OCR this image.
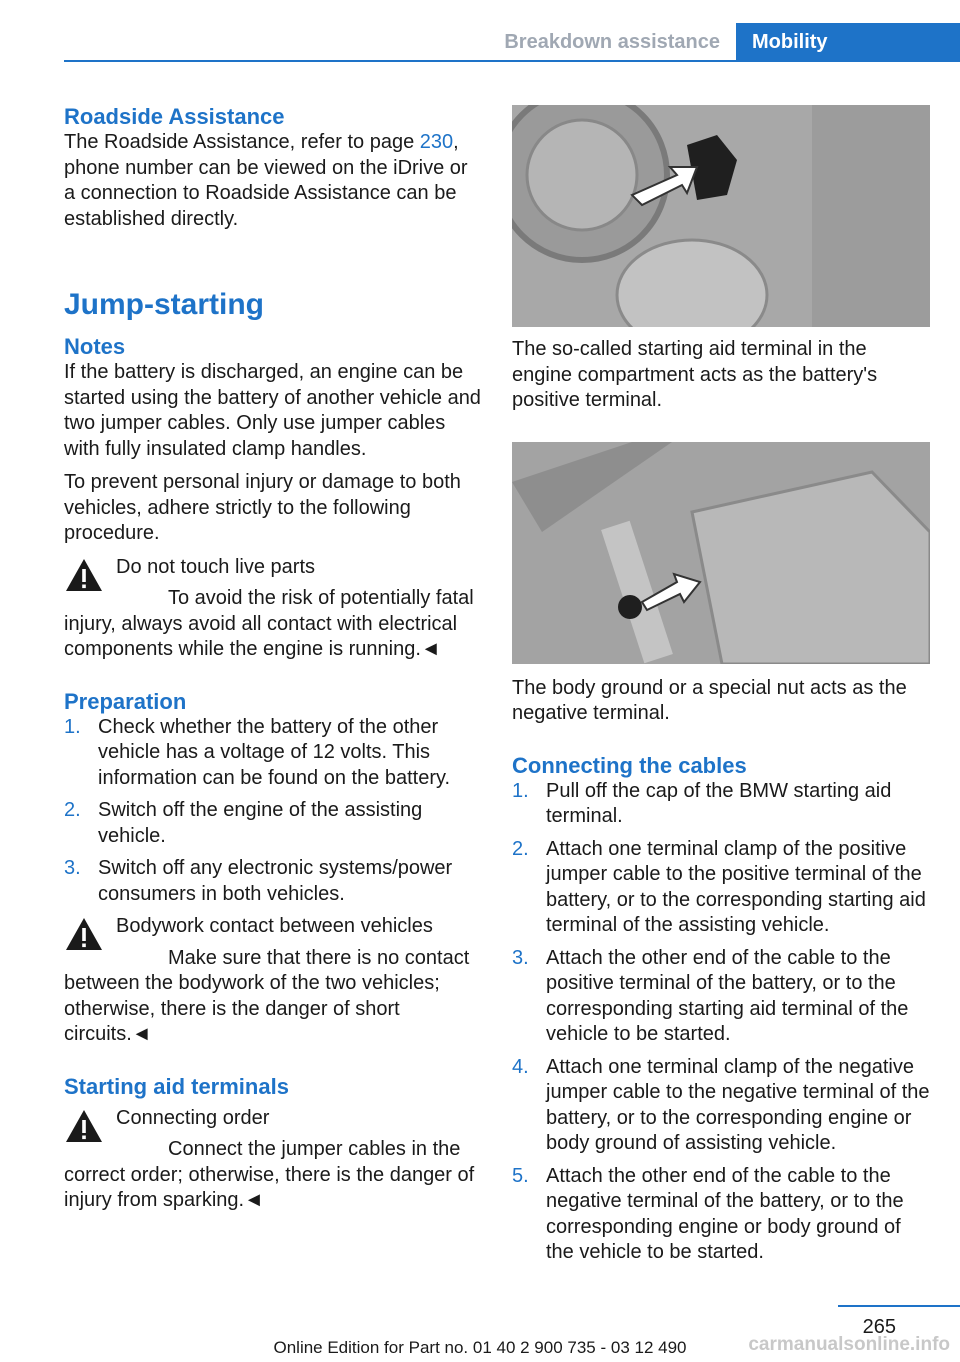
Breakdown assistance	Mobility
Roadside Assistance

The Roadside Assistance, refer to page 230, phone number can be viewed on the iDrive or a connection to Roadside Assistance can be established directly.

Jump-starting
Notes

If the battery is discharged, an engine can be started using the battery of another vehicle and two jumper cables. Only use jumper cables with fully insulated clamp handles.

To prevent personal injury or damage to both vehicles, adhere strictly to the following procedure.

Do not touch live parts

To avoid the risk of potentially fatal injury, always avoid all contact with electrical components while the engine is running.◄

Preparation
1. Check whether the battery of the other vehicle has a voltage of 12 volts. This information can be found on the battery.
2. Switch off the engine of the assisting vehicle.
3. Switch off any electronic systems/power consumers in both vehicles.

Bodywork contact between vehicles

Make sure that there is no contact between the bodywork of the two vehicles; otherwise, there is the danger of short circuits.◄

Starting aid terminals

Connecting order

Connect the jumper cables in the correct order; otherwise, there is the danger of injury from sparking.◄

The so-called starting aid terminal in the engine compartment acts as the battery's positive terminal.

The body ground or a special nut acts as the negative terminal.

Connecting the cables
1. Pull off the cap of the BMW starting aid terminal.
2. Attach one terminal clamp of the positive jumper cable to the positive terminal of the battery, or to the corresponding starting aid terminal of the assisting vehicle.
3. Attach the other end of the cable to the positive terminal of the battery, or to the corresponding starting aid terminal of the vehicle to be started.
4. Attach one terminal clamp of the negative jumper cable to the negative terminal of the battery, or to the corresponding engine or body ground of assisting vehicle.
5. Attach the other end of the cable to the negative terminal of the battery, or to the corresponding engine or body ground of the vehicle to be started.
265
Online Edition for Part no. 01 40 2 900 735 - 03 12 490	carmanualsonline.info
